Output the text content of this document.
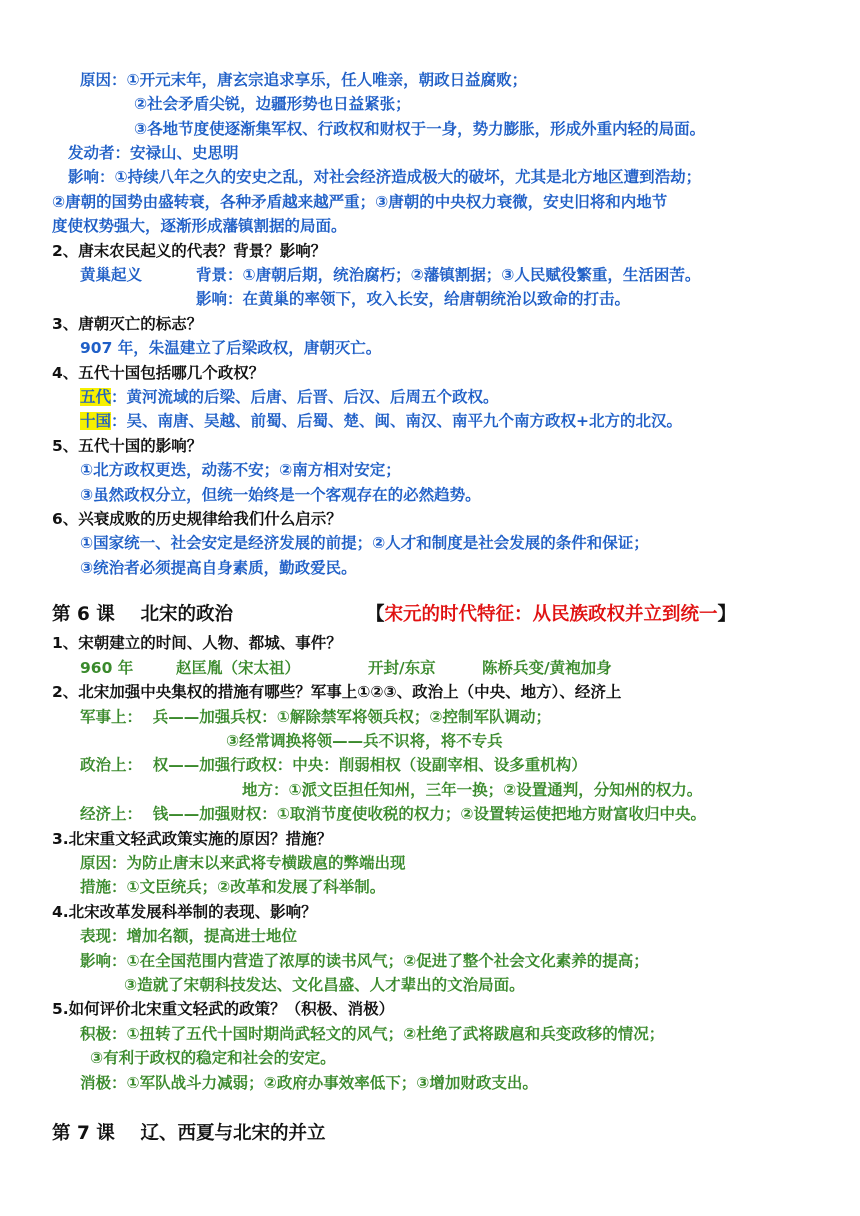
原因：①开元末年，唐玄宗追求享乐，任人唯亲，朝政日益腐败；
②社会矛盾尖锐，边疆形势也日益紧张；
③各地节度使逐渐集军权、行政权和财权于一身，势力膨胀，形成外重内轻的局面。
发动者：安禄山、史思明
影响：①持续八年之久的安史之乱，对社会经济造成极大的破坏，尤其是北方地区遭到浩劫；
②唐朝的国势由盛转衰，各种矛盾越来越严重；③唐朝的中央权力衰微，安史旧将和内地节
度使权势强大，逐渐形成藩镇割据的局面。
2、唐末农民起义的代表？背景？影响？
黄巢起义	背景：①唐朝后期，统治腐朽；②藩镇割据；③人民赋役繁重，生活困苦。
影响：在黄巢的率领下，攻入长安，给唐朝统治以致命的打击。
3、唐朝灭亡的标志？
907 年，朱温建立了后梁政权，唐朝灭亡。
4、五代十国包括哪几个政权？
五代：黄河流域的后梁、后唐、后晋、后汉、后周五个政权。
十国：吴、南唐、吴越、前蜀、后蜀、楚、闽、南汉、南平九个南方政权+北方的北汉。
5、五代十国的影响？
①北方政权更迭，动荡不安；②南方相对安定；
③虽然政权分立，但统一始终是一个客观存在的必然趋势。
6、兴衰成败的历史规律给我们什么启示？
①国家统一、社会安定是经济发展的前提；②人才和制度是社会发展的条件和保证；
③统治者必须提高自身素质，勤政爱民。
第 6 课    北宋的政治	【宋元的时代特征：从民族政权并立到统一】
1、宋朝建立的时间、人物、都城、事件？
960 年	赵匡胤（宋太祖）	开封/东京	陈桥兵变/黄袍加身
2、北宋加强中央集权的措施有哪些？军事上①②③、政治上（中央、地方）、经济上
军事上：  兵——加强兵权：①解除禁军将领兵权；②控制军队调动；
③经常调换将领——兵不识将，将不专兵
政治上：  权——加强行政权：中央：削弱相权（设副宰相、设多重机构）
地方：①派文臣担任知州，三年一换；②设置通判，分知州的权力。
经济上：  钱——加强财权：①取消节度使收税的权力；②设置转运使把地方财富收归中央。
3.北宋重文轻武政策实施的原因？措施？
原因：为防止唐末以来武将专横跋扈的弊端出现
措施：①文臣统兵；②改革和发展了科举制。
4.北宋改革发展科举制的表现、影响？
表现：增加名额，提高进士地位
影响：①在全国范围内营造了浓厚的读书风气；②促进了整个社会文化素养的提高；
③造就了宋朝科技发达、文化昌盛、人才辈出的文治局面。
5.如何评价北宋重文轻武的政策？（积极、消极）
积极：①扭转了五代十国时期尚武轻文的风气；②杜绝了武将跋扈和兵变政移的情况；
③有利于政权的稳定和社会的安定。
消极：①军队战斗力减弱；②政府办事效率低下；③增加财政支出。
第 7 课    辽、西夏与北宋的并立
